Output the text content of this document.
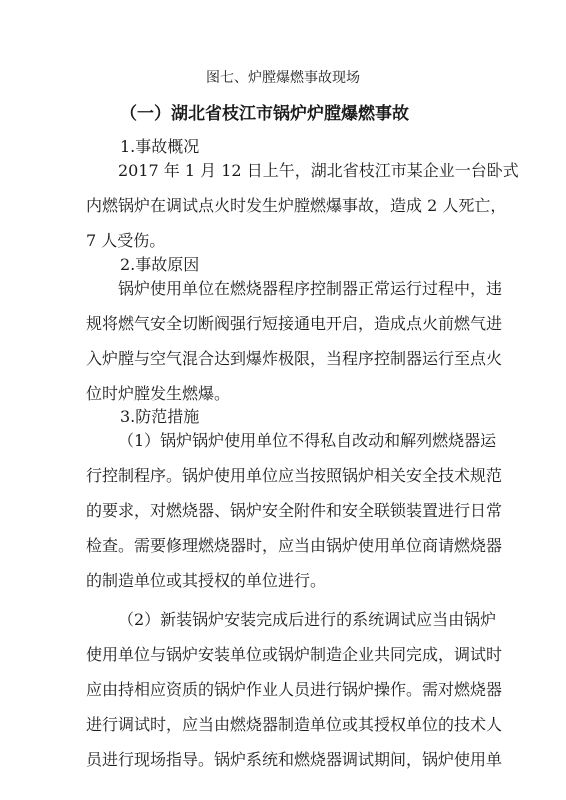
图七、炉膛爆燃事故现场
（一）湖北省枝江市锅炉炉膛爆燃事故
1.事故概况
2017 年 1 月 12 日上午，湖北省枝江市某企业一台卧式
内燃锅炉在调试点火时发生炉膛燃爆事故，造成 2 人死亡，
7 人受伤。
2.事故原因
锅炉使用单位在燃烧器程序控制器正常运行过程中，违
规将燃气安全切断阀强行短接通电开启，造成点火前燃气进
入炉膛与空气混合达到爆炸极限，当程序控制器运行至点火
位时炉膛发生燃爆。
3.防范措施
（1）锅炉锅炉使用单位不得私自改动和解列燃烧器运
行控制程序。锅炉使用单位应当按照锅炉相关安全技术规范
的要求，对燃烧器、锅炉安全附件和安全联锁装置进行日常
检查。需要修理燃烧器时，应当由锅炉使用单位商请燃烧器
的制造单位或其授权的单位进行。
（2）新装锅炉安装完成后进行的系统调试应当由锅炉
使用单位与锅炉安装单位或锅炉制造企业共同完成，调试时
应由持相应资质的锅炉作业人员进行锅炉操作。需对燃烧器
进行调试时，应当由燃烧器制造单位或其授权单位的技术人
员进行现场指导。锅炉系统和燃烧器调试期间，锅炉使用单
